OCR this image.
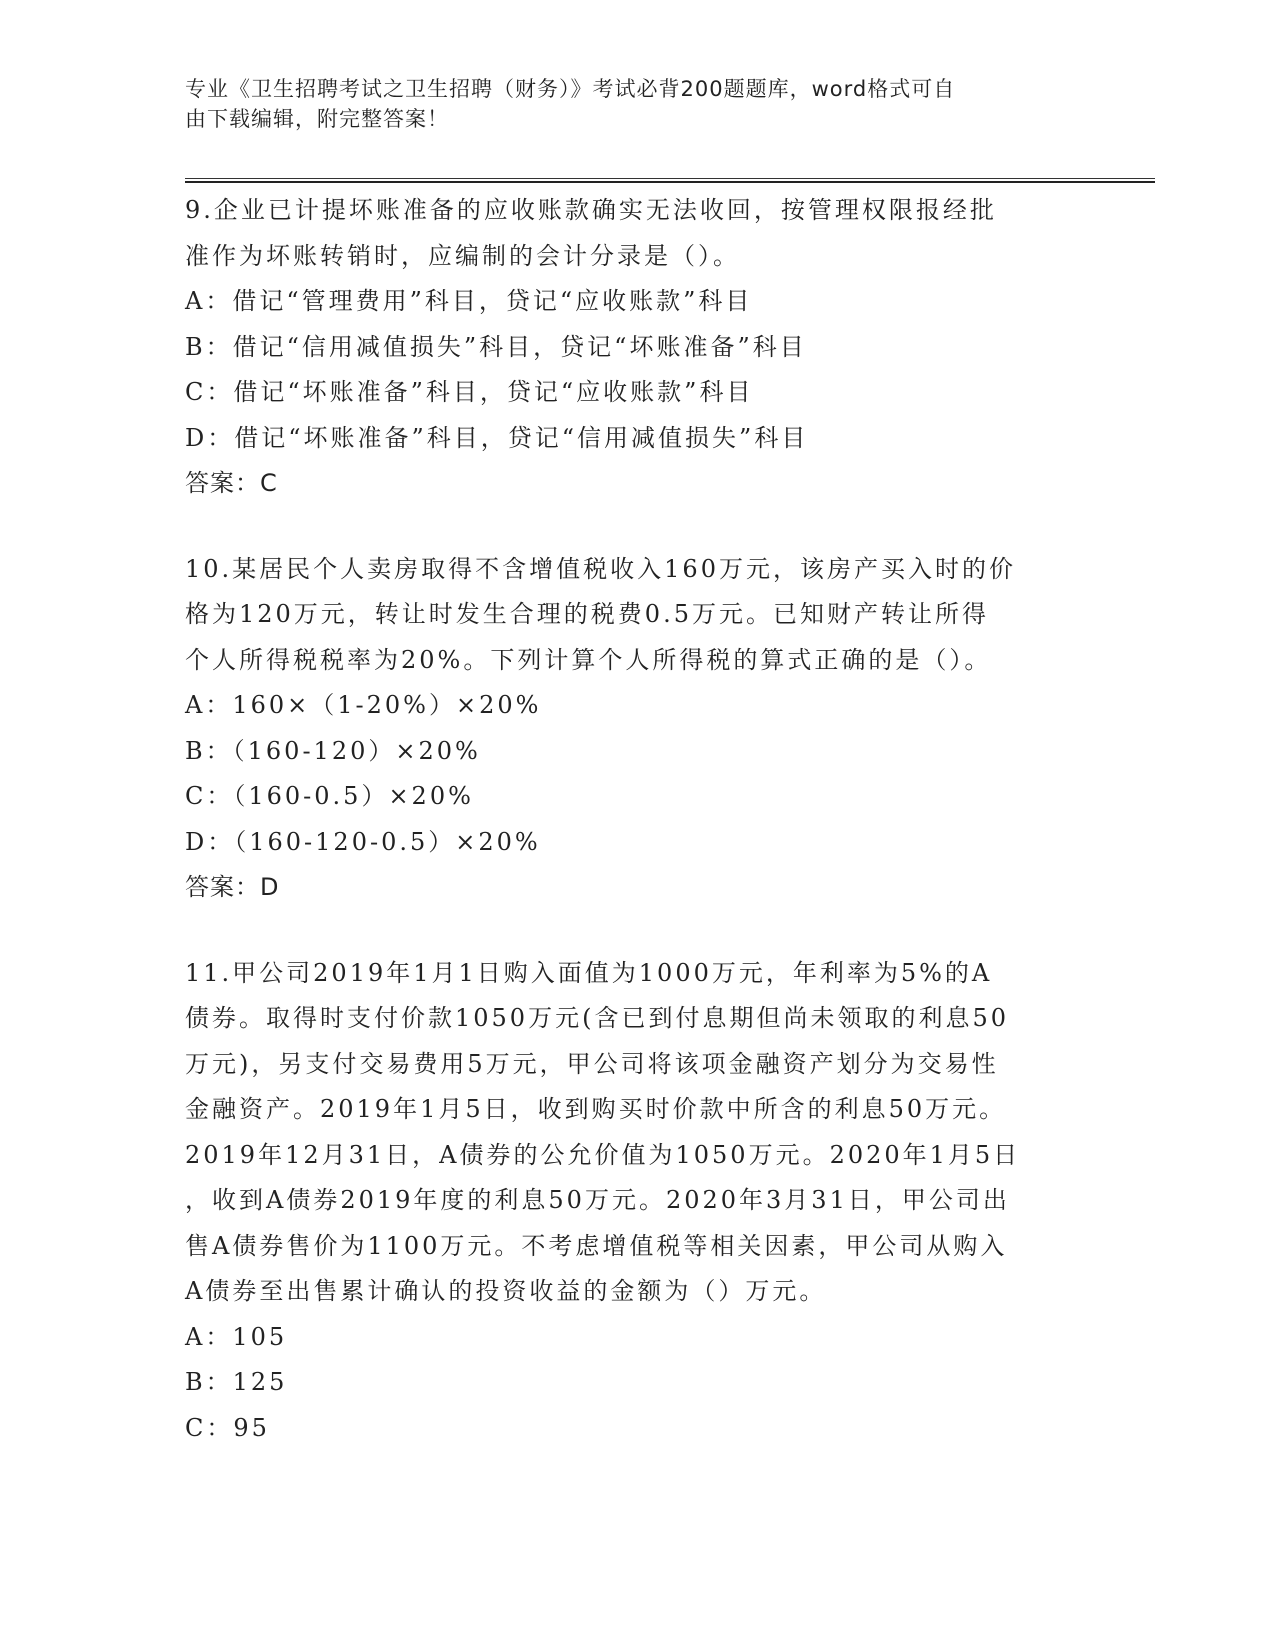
专业《卫生招聘考试之卫生招聘（财务）》考试必背200题题库，word格式可自
由下载编辑，附完整答案！
9.企业已计提坏账准备的应收账款确实无法收回，按管理权限报经批
准作为坏账转销时，应编制的会计分录是（）。
A：借记“管理费用”科目，贷记“应收账款”科目
B：借记“信用减值损失”科目，贷记“坏账准备”科目
C：借记“坏账准备”科目，贷记“应收账款”科目
D：借记“坏账准备”科目，贷记“信用减值损失”科目
答案：C
10.某居民个人卖房取得不含增值税收入160万元，该房产买入时的价
格为120万元，转让时发生合理的税费0.5万元。已知财产转让所得
个人所得税税率为20%。下列计算个人所得税的算式正确的是（）。
A：160×（1-20%）×20%
B：（160-120）×20%
C：（160-0.5）×20%
D：（160-120-0.5）×20%
答案：D
11.甲公司2019年1月1日购入面值为1000万元，年利率为5%的A
债券。取得时支付价款1050万元(含已到付息期但尚未领取的利息50
万元)，另支付交易费用5万元，甲公司将该项金融资产划分为交易性
金融资产。2019年1月5日，收到购买时价款中所含的利息50万元。
2019年12月31日，A债券的公允价值为1050万元。2020年1月5日
，收到A债券2019年度的利息50万元。2020年3月31日，甲公司出
售A债券售价为1100万元。不考虑增值税等相关因素，甲公司从购入
A债券至出售累计确认的投资收益的金额为（）万元。
A：105
B：125
C：95
